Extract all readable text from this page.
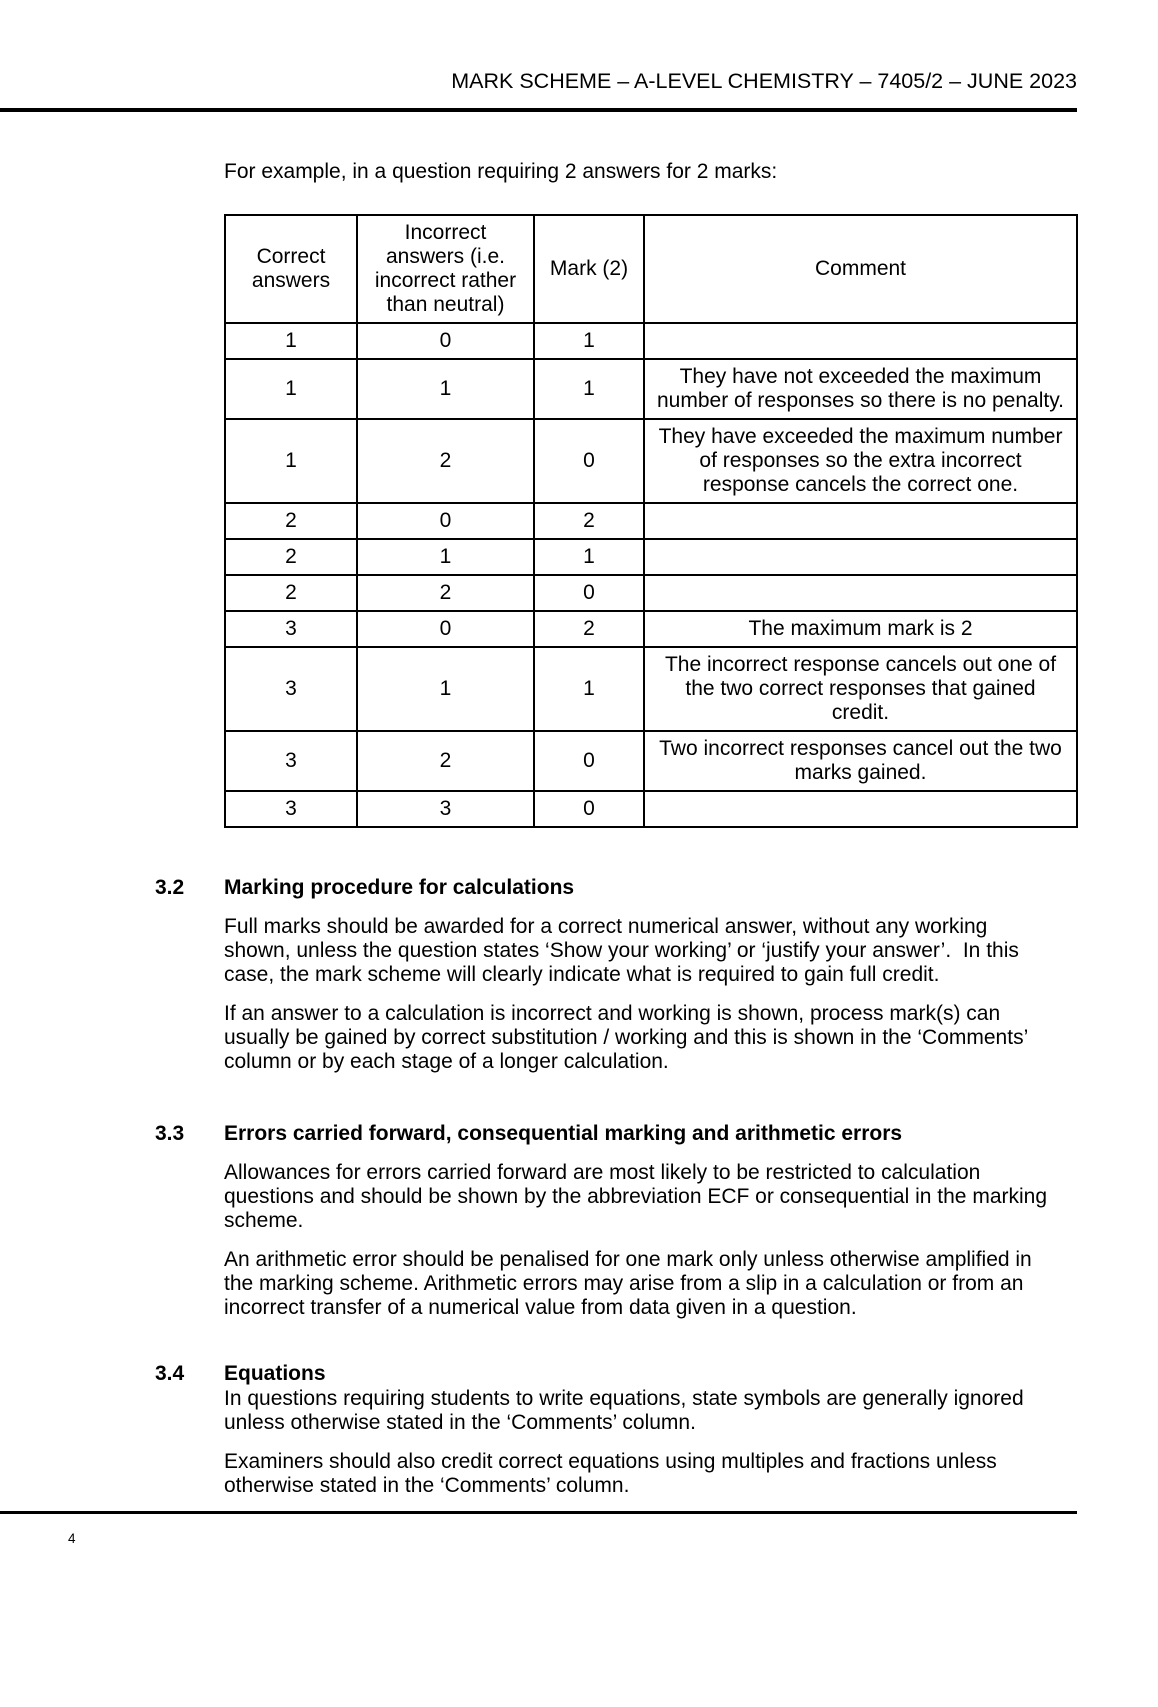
MARK SCHEME – A-LEVEL CHEMISTRY – 7405/2 – JUNE 2023

For example, in a question requiring 2 answers for 2 marks:

Correct answers	Incorrect answers (i.e. incorrect rather than neutral)	Mark (2)	Comment
1	0	1	
1	1	1	They have not exceeded the maximum number of responses so there is no penalty.
1	2	0	They have exceeded the maximum number of responses so the extra incorrect response cancels the correct one.
2	0	2	
2	1	1	
2	2	0	
3	0	2	The maximum mark is 2
3	1	1	The incorrect response cancels out one of the two correct responses that gained credit.
3	2	0	Two incorrect responses cancel out the two marks gained.
3	3	0	
3.2	Marking procedure for calculations

Full marks should be awarded for a correct numerical answer, without any working shown, unless the question states ‘Show your working’ or ‘justify your answer’.  In this case, the mark scheme will clearly indicate what is required to gain full credit.

If an answer to a calculation is incorrect and working is shown, process mark(s) can usually be gained by correct substitution / working and this is shown in the ‘Comments’ column or by each stage of a longer calculation.

3.3	Errors carried forward, consequential marking and arithmetic errors

Allowances for errors carried forward are most likely to be restricted to calculation questions and should be shown by the abbreviation ECF or consequential in the marking scheme.

An arithmetic error should be penalised for one mark only unless otherwise amplified in the marking scheme. Arithmetic errors may arise from a slip in a calculation or from an incorrect transfer of a numerical value from data given in a question.

3.4	Equations

In questions requiring students to write equations, state symbols are generally ignored unless otherwise stated in the ‘Comments’ column.

Examiners should also credit correct equations using multiples and fractions unless otherwise stated in the ‘Comments’ column.

4
